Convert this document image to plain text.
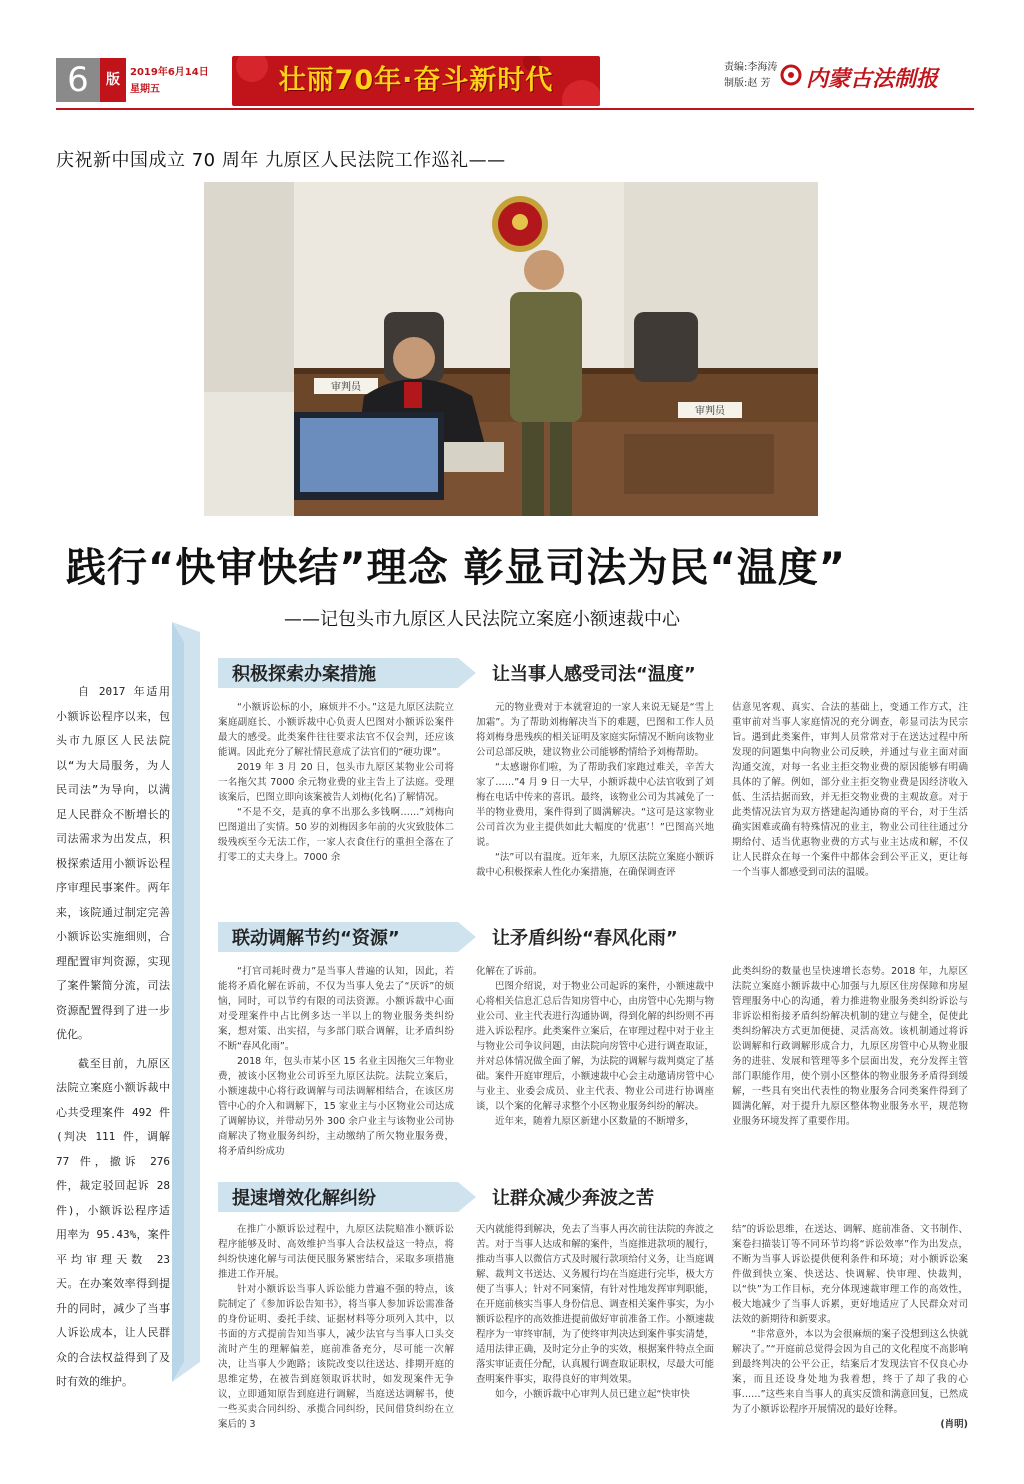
6	版	2019年6月14日
星期五	壮丽70年·奋斗新时代	责编:李海涛
制版:赵 芳	内蒙古法制报
庆祝新中国成立 70 周年 九原区人民法院工作巡礼——
审判员
审判员
践行“快审快结”理念 彰显司法为民“温度”
——记包头市九原区人民法院立案庭小额速裁中心

自 2017 年适用小额诉讼程序以来，包头市九原区人民法院以“为大局服务，为人民司法”为导向，以满足人民群众不断增长的司法需求为出发点，积极探索适用小额诉讼程序审理民事案件。两年来，该院通过制定完善小额诉讼实施细则，合理配置审判资源，实现了案件繁简分流，司法资源配置得到了进一步优化。

截至目前，九原区法院立案庭小额诉裁中心共受理案件 492 件(判决 111 件，调解 77 件，撤诉 276 件，裁定驳回起诉 28 件)，小额诉讼程序适用率为 95.43%，案件平均审理天数 23 天。在办案效率得到提升的同时，减少了当事人诉讼成本，让人民群众的合法权益得到了及时有效的维护。

积极探索办案措施

“小额诉讼标的小，麻烦并不小。”这是九原区法院立案庭副庭长、小额诉裁中心负责人巴图对小额诉讼案件最大的感受。此类案件往往要求法官不仅会判，还应该能调。因此充分了解社情民意成了法官们的“硬功课”。

2019 年 3 月 20 日，包头市九原区某物业公司将一名拖欠其 7000 余元物业费的业主告上了法庭。受理该案后，巴图立即向该案被告人刘梅(化名)了解情况。

“不是不交，是真的拿不出那么多钱啊……”刘梅向巴图道出了实情。50 岁的刘梅因多年前的火灾致肢体二级残疾至今无法工作，一家人衣食住行的重担全落在了打零工的丈夫身上。7000 余

让当事人感受司法“温度”

元的物业费对于本就窘迫的一家人来说无疑是“雪上加霜”。为了帮助刘梅解决当下的难题，巴图和工作人员将刘梅身患残疾的相关证明及家庭实际情况不断向该物业公司总部反映，建议物业公司能够酌情给予刘梅帮助。

“太感谢你们啦，为了帮助我们家跑过难关，辛苦大家了……”4 月 9 日一大早，小额诉裁中心法官收到了刘梅在电话中传来的喜讯。最终，该物业公司为其减免了一半的物业费用，案件得到了圆满解决。“这可是这家物业公司首次为业主提供如此大幅度的‘优惠’！”巴图高兴地说。

“法”可以有温度。近年来，九原区法院立案庭小额诉裁中心积极探索人性化办案措施，在确保调查评

估意见客观、真实、合法的基础上，变通工作方式，注重审前对当事人家庭情况的充分调查，彰显司法为民宗旨。遇到此类案件，审判人员常常对于在送达过程中所发现的问题集中向物业公司反映，并通过与业主面对面沟通交流，对每一名业主拒交物业费的原因能够有明确具体的了解。例如，部分业主拒交物业费是因经济收入低、生活拮据而致，并无拒交物业费的主观故意。对于此类情况法官为双方搭建起沟通协商的平台，对于生活确实困难或确有特殊情况的业主，物业公司往往通过分期给付、适当优惠物业费的方式与业主达成和解，不仅让人民群众在每一个案件中都体会到公平正义，更让每一个当事人都感受到司法的温暖。

联动调解节约“资源”

“打官司耗时费力”是当事人普遍的认知，因此，若能将矛盾化解在诉前，不仅为当事人免去了“厌诉”的烦恼，同时，可以节约有限的司法资源。小额诉裁中心面对受理案件中占比例多达一半以上的物业服务类纠纷案，想对策、出实招，与多部门联合调解，让矛盾纠纷不断“春风化雨”。

2018 年，包头市某小区 15 名业主因拖欠三年物业费，被该小区物业公司诉至九原区法院。法院立案后，小额速裁中心将行政调解与司法调解相结合，在该区房管中心的介入和调解下，15 家业主与小区物业公司达成了调解协议，并带动另外 300 余户业主与该物业公司协商解决了物业服务纠纷，主动缴纳了所欠物业服务费，将矛盾纠纷成功

让矛盾纠纷“春风化雨”

化解在了诉前。

巴图介绍说，对于物业公司起诉的案件，小额速裁中心将相关信息汇总后告知房管中心，由房管中心先期与物业公司、业主代表进行沟通协调，得到化解的纠纷则不再进入诉讼程序。此类案件立案后，在审理过程中对于业主与物业公司争议问题，由法院向房管中心进行调查取证，并对总体情况做全面了解，为法院的调解与裁判奠定了基础。案件开庭审理后，小额速裁中心会主动邀请房管中心与业主、业委会成员、业主代表、物业公司进行协调座谈，以个案的化解寻求整个小区物业服务纠纷的解决。

近年来，随着九原区新建小区数量的不断增多，

此类纠纷的数量也呈快速增长态势。2018 年，九原区法院立案庭小额诉裁中心加强与九原区住房保障和房屋管理服务中心的沟通，着力推进物业服务类纠纷诉讼与非诉讼相衔接矛盾纠纷解决机制的建立与健全，促使此类纠纷解决方式更加便捷、灵活高效。该机制通过将诉讼调解和行政调解形成合力，九原区房管中心从物业服务的进驻、发展和管理等多个层面出发，充分发挥主管部门职能作用，使个别小区整体的物业服务矛盾得到缓解，一些具有突出代表性的物业服务合同类案件得到了圆满化解，对于提升九原区整体物业服务水平，规范物业服务环境发挥了重要作用。

提速增效化解纠纷

在推广小额诉讼过程中，九原区法院赔准小额诉讼程序能够及时、高效维护当事人合法权益这一特点，将纠纷快速化解与司法便民服务紧密结合，采取多项措施推进工作开展。

针对小额诉讼当事人诉讼能力普遍不强的特点，该院制定了《参加诉讼告知书》，将当事人参加诉讼需准备的身份证明、委托手续、证据材料等分项列入其中，以书面的方式提前告知当事人，减少法官与当事人口头交流时产生的理解偏差，庭前准备充分，尽可能一次解决，让当事人少跑路；该院改变以往送达、排期开庭的思维定势，在被告到庭领取诉状时，如发现案件无争议，立即通知原告到庭进行调解，当庭送达调解书，使一些买卖合同纠纷、承揽合同纠纷，民间借贷纠纷在立案后的 3

让群众减少奔波之苦

天内就能得到解决，免去了当事人再次前往法院的奔波之苦。对于当事人达成和解的案件，当庭推进款项的履行，推动当事人以微信方式及时履行款项给付义务，让当庭调解、裁判文书送达、义务履行均在当庭进行完毕，极大方便了当事人；针对不同案情，有针对性地发挥审判职能，在开庭前核实当事人身份信息、调查相关案件事实，为小额诉讼程序的高效推进提前做好审前准备工作。小额速裁程序为一审终审制，为了使终审判决达到案件事实清楚，适用法律正确，及时定分止争的实效，根据案件特点全面落实审证责任分配，认真履行调查取证职权，尽最大可能查明案件事实，取得良好的审判效果。

如今，小额诉裁中心审判人员已建立起“快审快

结”的诉讼思维，在送达、调解、庭前准备、文书制作、案卷扫描装订等不同环节均将“诉讼效率”作为出发点，不断为当事人诉讼提供便利条件和环境；对小额诉讼案件做到快立案、快送达、快调解、快审理、快裁判，以“快”为工作目标，充分体现速裁审理工作的高效性，极大地减少了当事人诉累，更好地适应了人民群众对司法效的新期待和新要求。

“非常意外，本以为会很麻烦的案子没想到这么快就解决了。”“开庭前总觉得会因为自己的文化程度不高影响到最终判决的公平公正，结案后才发现法官不仅良心办案，而且还设身处地为我着想，终于了却了我的心事……”这些来自当事人的真实反馈和满意回复，已然成为了小额诉讼程序开展情况的最好诠释。

(肖明)
